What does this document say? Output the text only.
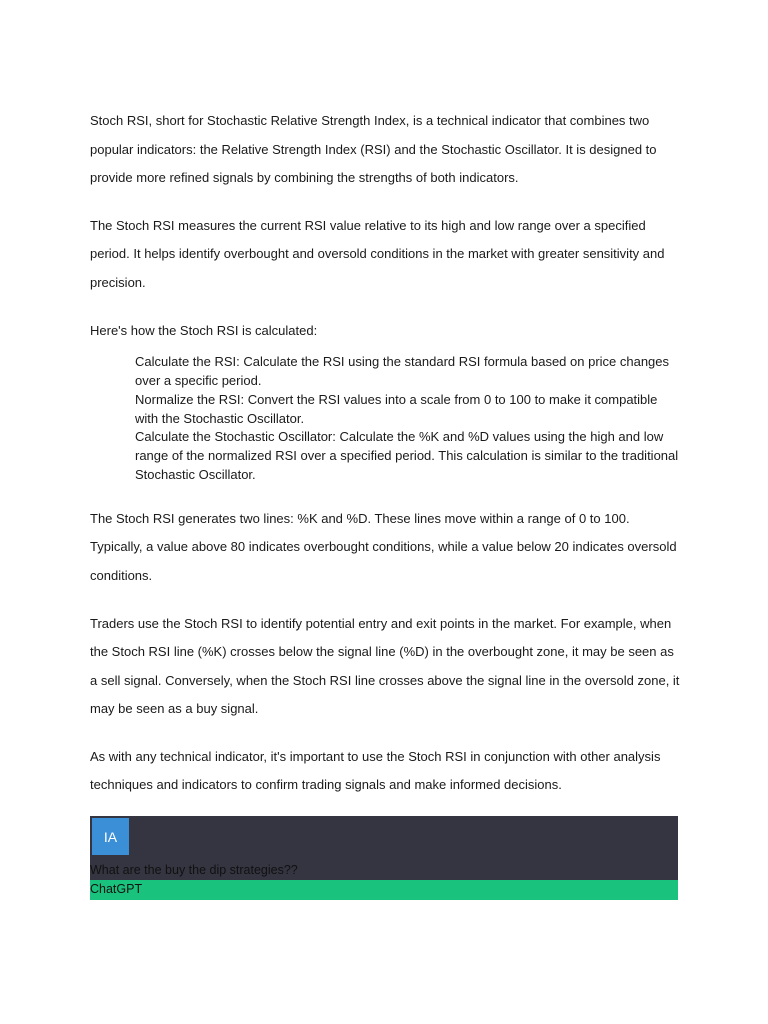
Stoch RSI, short for Stochastic Relative Strength Index, is a technical indicator that combines two popular indicators: the Relative Strength Index (RSI) and the Stochastic Oscillator. It is designed to provide more refined signals by combining the strengths of both indicators.

The Stoch RSI measures the current RSI value relative to its high and low range over a specified period. It helps identify overbought and oversold conditions in the market with greater sensitivity and precision.

Here's how the Stoch RSI is calculated:

Calculate the RSI: Calculate the RSI using the standard RSI formula based on price changes over a specific period.
Normalize the RSI: Convert the RSI values into a scale from 0 to 100 to make it compatible with the Stochastic Oscillator.
Calculate the Stochastic Oscillator: Calculate the %K and %D values using the high and low range of the normalized RSI over a specified period. This calculation is similar to the traditional Stochastic Oscillator.

The Stoch RSI generates two lines: %K and %D. These lines move within a range of 0 to 100. Typically, a value above 80 indicates overbought conditions, while a value below 20 indicates oversold conditions.

Traders use the Stoch RSI to identify potential entry and exit points in the market. For example, when the Stoch RSI line (%K) crosses below the signal line (%D) in the overbought zone, it may be seen as a sell signal. Conversely, when the Stoch RSI line crosses above the signal line in the oversold zone, it may be seen as a buy signal.

As with any technical indicator, it's important to use the Stoch RSI in conjunction with other analysis techniques and indicators to confirm trading signals and make informed decisions.

IA
What are the buy the dip strategies??
ChatGPT
